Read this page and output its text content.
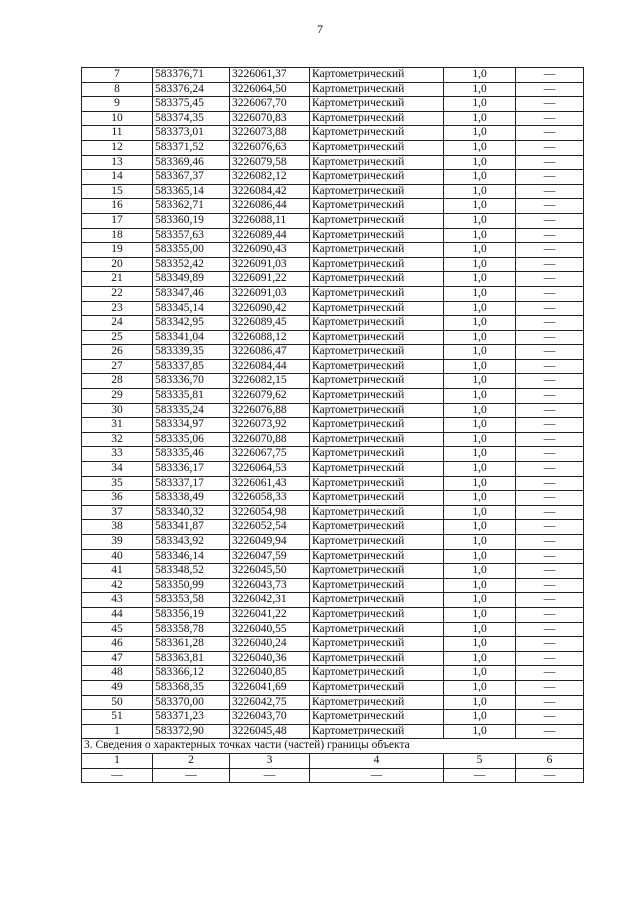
7
7	583376,71	3226061,37	Картометрический	1,0	—
8	583376,24	3226064,50	Картометрический	1,0	—
9	583375,45	3226067,70	Картометрический	1,0	—
10	583374,35	3226070,83	Картометрический	1,0	—
11	583373,01	3226073,88	Картометрический	1,0	—
12	583371,52	3226076,63	Картометрический	1,0	—
13	583369,46	3226079,58	Картометрический	1,0	—
14	583367,37	3226082,12	Картометрический	1,0	—
15	583365,14	3226084,42	Картометрический	1,0	—
16	583362,71	3226086,44	Картометрический	1,0	—
17	583360,19	3226088,11	Картометрический	1,0	—
18	583357,63	3226089,44	Картометрический	1,0	—
19	583355,00	3226090,43	Картометрический	1,0	—
20	583352,42	3226091,03	Картометрический	1,0	—
21	583349,89	3226091,22	Картометрический	1,0	—
22	583347,46	3226091,03	Картометрический	1,0	—
23	583345,14	3226090,42	Картометрический	1,0	—
24	583342,95	3226089,45	Картометрический	1,0	—
25	583341,04	3226088,12	Картометрический	1,0	—
26	583339,35	3226086,47	Картометрический	1,0	—
27	583337,85	3226084,44	Картометрический	1,0	—
28	583336,70	3226082,15	Картометрический	1,0	—
29	583335,81	3226079,62	Картометрический	1,0	—
30	583335,24	3226076,88	Картометрический	1,0	—
31	583334,97	3226073,92	Картометрический	1,0	—
32	583335,06	3226070,88	Картометрический	1,0	—
33	583335,46	3226067,75	Картометрический	1,0	—
34	583336,17	3226064,53	Картометрический	1,0	—
35	583337,17	3226061,43	Картометрический	1,0	—
36	583338,49	3226058,33	Картометрический	1,0	—
37	583340,32	3226054,98	Картометрический	1,0	—
38	583341,87	3226052,54	Картометрический	1,0	—
39	583343,92	3226049,94	Картометрический	1,0	—
40	583346,14	3226047,59	Картометрический	1,0	—
41	583348,52	3226045,50	Картометрический	1,0	—
42	583350,99	3226043,73	Картометрический	1,0	—
43	583353,58	3226042,31	Картометрический	1,0	—
44	583356,19	3226041,22	Картометрический	1,0	—
45	583358,78	3226040,55	Картометрический	1,0	—
46	583361,28	3226040,24	Картометрический	1,0	—
47	583363,81	3226040,36	Картометрический	1,0	—
48	583366,12	3226040,85	Картометрический	1,0	—
49	583368,35	3226041,69	Картометрический	1,0	—
50	583370,00	3226042,75	Картометрический	1,0	—
51	583371,23	3226043,70	Картометрический	1,0	—
1	583372,90	3226045,48	Картометрический	1,0	—
3. Сведения о характерных точках части (частей) границы объекта					
1	2	3	4	5	6
—	—	—	—	—	—
